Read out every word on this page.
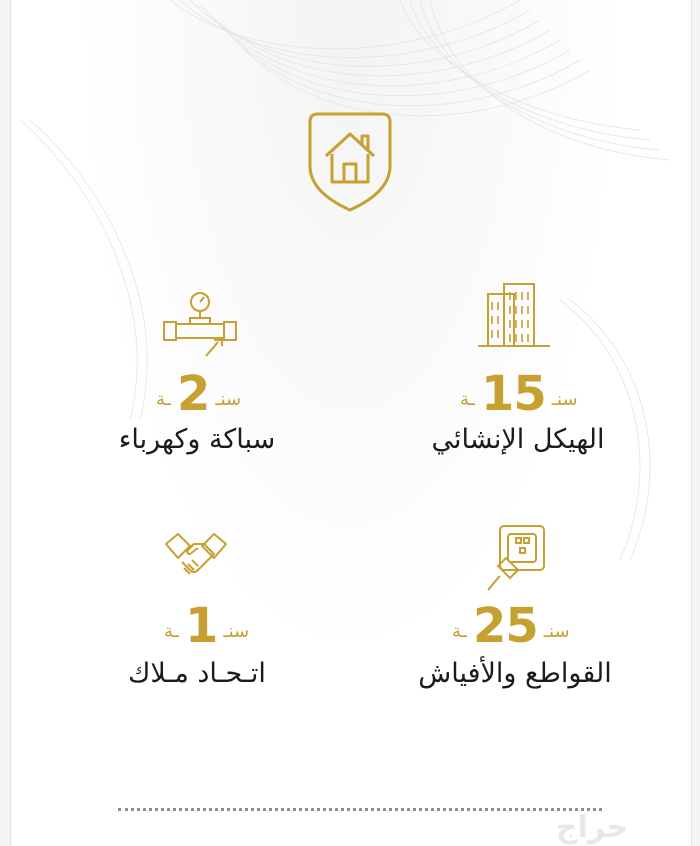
ـة 15 سنـ
الهيكل الإنشائي
ـة 2 سنـ
سباكة وكهرباء
ـة 25 سنـ
القواطع والأفياش
ـة 1 سنـ
اتـحـاد مـلاك
حراج
